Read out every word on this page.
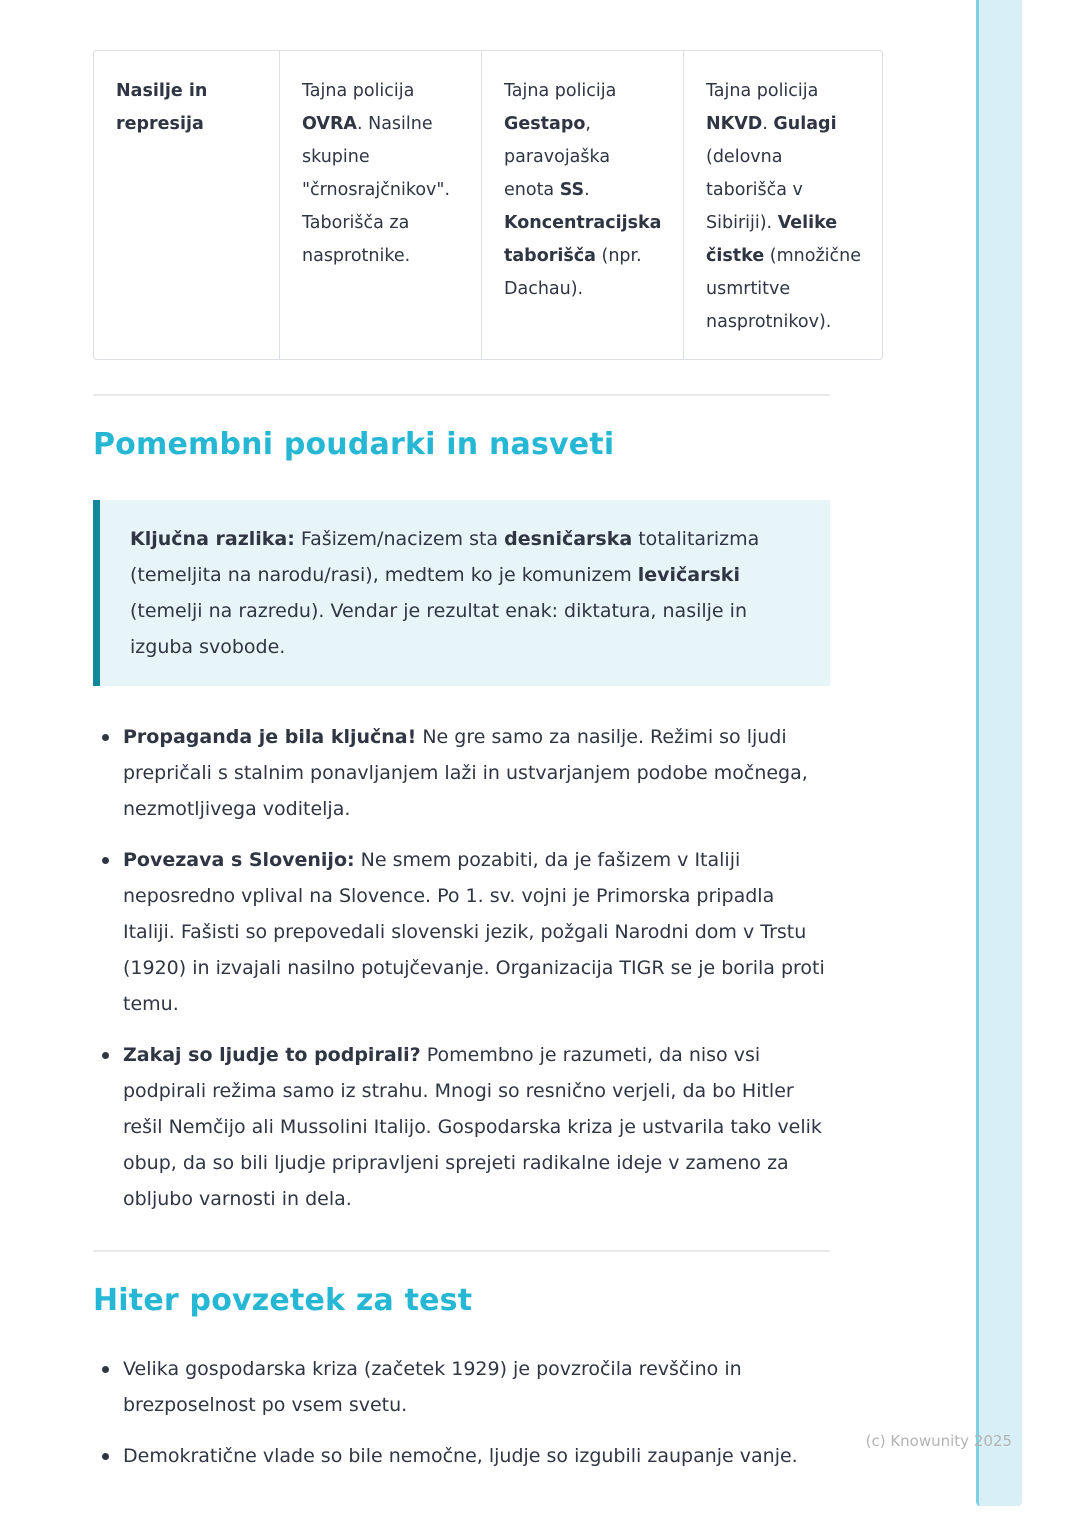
Nasilje in represija
Tajna policija OVRA. Nasilne skupine "črnosrajčnikov". Taborišča za nasprotnike.
Tajna policija Gestapo, paravojaška enota SS. Koncentracijska taborišča (npr. Dachau).
Tajna policija NKVD. Gulagi (delovna taborišča v Sibiriji). Velike čistke (množične usmrtitve nasprotnikov).
Pomembni poudarki in nasveti
Ključna razlika: Fašizem/nacizem sta desničarska totalitarizma (temeljita na narodu/rasi), medtem ko je komunizem levičarski (temelji na razredu). Vendar je rezultat enak: diktatura, nasilje in izguba svobode.
Propaganda je bila ključna! Ne gre samo za nasilje. Režimi so ljudi prepričali s stalnim ponavljanjem laži in ustvarjanjem podobe močnega, nezmotljivega voditelja.
Povezava s Slovenijo: Ne smem pozabiti, da je fašizem v Italiji neposredno vplival na Slovence. Po 1. sv. vojni je Primorska pripadla Italiji. Fašisti so prepovedali slovenski jezik, požgali Narodni dom v Trstu (1920) in izvajali nasilno potujčevanje. Organizacija TIGR se je borila proti temu.
Zakaj so ljudje to podpirali? Pomembno je razumeti, da niso vsi podpirali režima samo iz strahu. Mnogi so resnično verjeli, da bo Hitler rešil Nemčijo ali Mussolini Italijo. Gospodarska kriza je ustvarila tako velik obup, da so bili ljudje pripravljeni sprejeti radikalne ideje v zameno za obljubo varnosti in dela.
Hiter povzetek za test
Velika gospodarska kriza (začetek 1929) je povzročila revščino in brezposelnost po vsem svetu.
Demokratične vlade so bile nemočne, ljudje so izgubili zaupanje vanje.
(c) Knowunity 2025
